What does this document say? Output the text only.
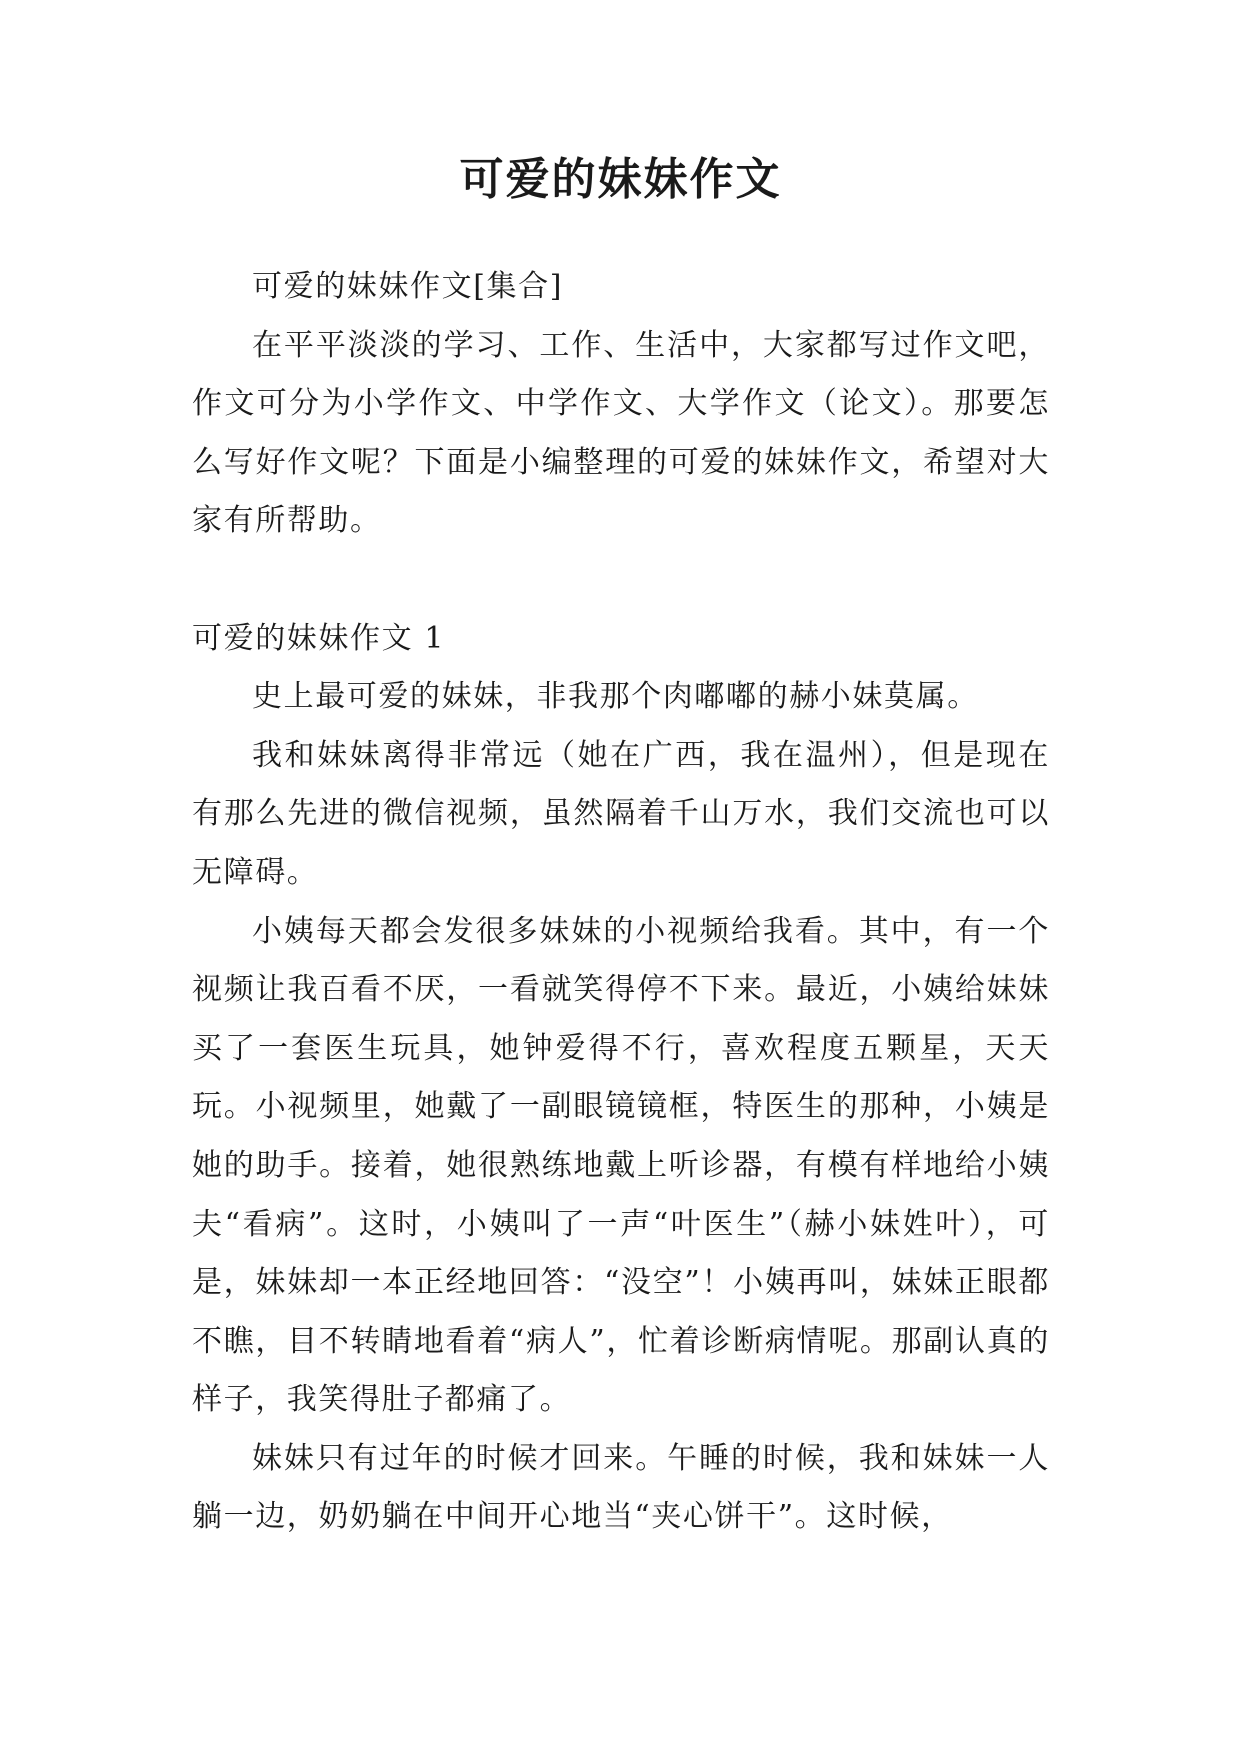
可爱的妹妹作文

可爱的妹妹作文[集合]

在平平淡淡的学习、工作、生活中，大家都写过作文吧，作文可分为小学作文、中学作文、大学作文（论文）。那要怎么写好作文呢？下面是小编整理的可爱的妹妹作文，希望对大家有所帮助。

可爱的妹妹作文 1

史上最可爱的妹妹，非我那个肉嘟嘟的赫小妹莫属。

我和妹妹离得非常远（她在广西，我在温州），但是现在有那么先进的微信视频，虽然隔着千山万水，我们交流也可以无障碍。

小姨每天都会发很多妹妹的小视频给我看。其中，有一个视频让我百看不厌，一看就笑得停不下来。最近，小姨给妹妹买了一套医生玩具，她钟爱得不行，喜欢程度五颗星，天天玩。小视频里，她戴了一副眼镜镜框，特医生的那种，小姨是她的助手。接着，她很熟练地戴上听诊器，有模有样地给小姨夫“看病”。这时，小姨叫了一声“叶医生”（赫小妹姓叶），可是，妹妹却一本正经地回答：“没空”！小姨再叫，妹妹正眼都不瞧，目不转睛地看着“病人”，忙着诊断病情呢。那副认真的样子，我笑得肚子都痛了。

妹妹只有过年的时候才回来。午睡的时候，我和妹妹一人躺一边，奶奶躺在中间开心地当“夹心饼干”。这时候，
